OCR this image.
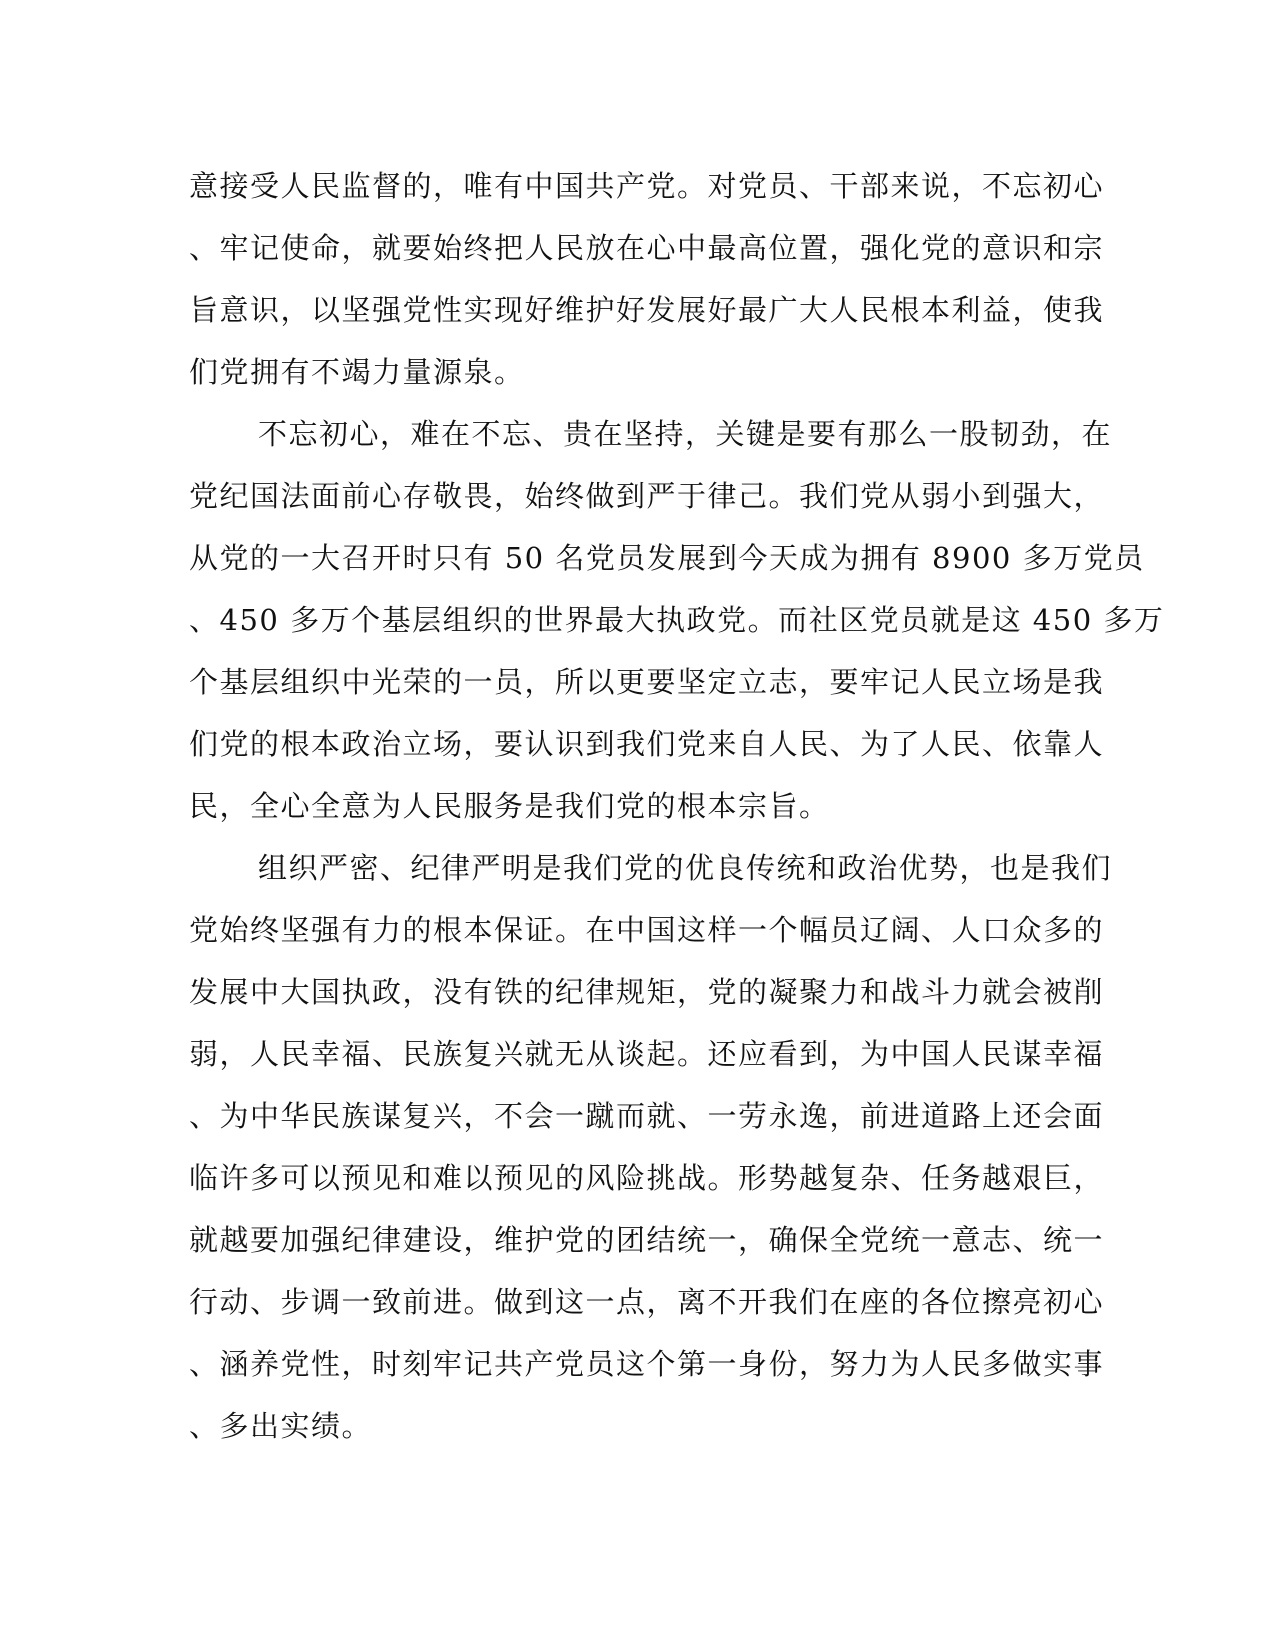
意接受人民监督的，唯有中国共产党。对党员、干部来说，不忘初心
、牢记使命，就要始终把人民放在心中最高位置，强化党的意识和宗
旨意识，以坚强党性实现好维护好发展好最广大人民根本利益，使我
们党拥有不竭力量源泉。
不忘初心，难在不忘、贵在坚持，关键是要有那么一股韧劲，在
党纪国法面前心存敬畏，始终做到严于律己。我们党从弱小到强大，
从党的一大召开时只有 50 名党员发展到今天成为拥有 8900 多万党员
、450 多万个基层组织的世界最大执政党。而社区党员就是这 450 多万
个基层组织中光荣的一员，所以更要坚定立志，要牢记人民立场是我
们党的根本政治立场，要认识到我们党来自人民、为了人民、依靠人
民，全心全意为人民服务是我们党的根本宗旨。
组织严密、纪律严明是我们党的优良传统和政治优势，也是我们
党始终坚强有力的根本保证。在中国这样一个幅员辽阔、人口众多的
发展中大国执政，没有铁的纪律规矩，党的凝聚力和战斗力就会被削
弱，人民幸福、民族复兴就无从谈起。还应看到，为中国人民谋幸福
、为中华民族谋复兴，不会一蹴而就、一劳永逸，前进道路上还会面
临许多可以预见和难以预见的风险挑战。形势越复杂、任务越艰巨，
就越要加强纪律建设，维护党的团结统一，确保全党统一意志、统一
行动、步调一致前进。做到这一点，离不开我们在座的各位擦亮初心
、涵养党性，时刻牢记共产党员这个第一身份，努力为人民多做实事
、多出实绩。
